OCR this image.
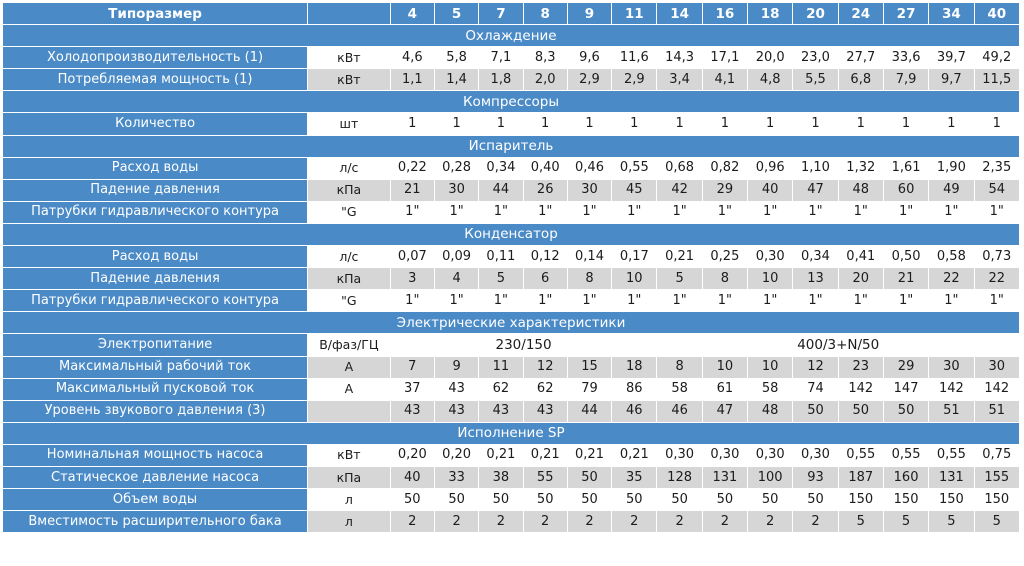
Типоразмер		4	5	7	8	9	11	14	16	18	20	24	27	34	40
Охлаждение															
Холодопроизводительность (1)	кВт	4,6	5,8	7,1	8,3	9,6	11,6	14,3	17,1	20,0	23,0	27,7	33,6	39,7	49,2
Потребляемая мощность (1)	кВт	1,1	1,4	1,8	2,0	2,9	2,9	3,4	4,1	4,8	5,5	6,8	7,9	9,7	11,5
Компрессоры															
Количество	шт	1	1	1	1	1	1	1	1	1	1	1	1	1	1
Испаритель															
Расход воды	л/с	0,22	0,28	0,34	0,40	0,46	0,55	0,68	0,82	0,96	1,10	1,32	1,61	1,90	2,35
Падение давления	кПа	21	30	44	26	30	45	42	29	40	47	48	60	49	54
Патрубки гидравлического контура	"G	1"	1"	1"	1"	1"	1"	1"	1"	1"	1"	1"	1"	1"	1"
Конденсатор															
Расход воды	л/с	0,07	0,09	0,11	0,12	0,14	0,17	0,21	0,25	0,30	0,34	0,41	0,50	0,58	0,73
Падение давления	кПа	3	4	5	6	8	10	5	8	10	13	20	21	22	22
Патрубки гидравлического контура	"G	1"	1"	1"	1"	1"	1"	1"	1"	1"	1"	1"	1"	1"	1"
Электрические характеристики															
Электропитание	В/фаз/ГЦ	230/150						400/3+N/50							
Максимальный рабочий ток	А	7	9	11	12	15	18	8	10	10	12	23	29	30	30
Максимальный пусковой ток	А	37	43	62	62	79	86	58	61	58	74	142	147	142	142
Уровень звукового давления (3)		43	43	43	43	44	46	46	47	48	50	50	50	51	51
Исполнение SP															
Номинальная мощность насоса	кВт	0,20	0,20	0,21	0,21	0,21	0,21	0,30	0,30	0,30	0,30	0,55	0,55	0,55	0,75
Статическое давление насоса	кПа	40	33	38	55	50	35	128	131	100	93	187	160	131	155
Объем воды	л	50	50	50	50	50	50	50	50	50	50	150	150	150	150
Вместимость расширительного бака	л	2	2	2	2	2	2	2	2	2	2	5	5	5	5
